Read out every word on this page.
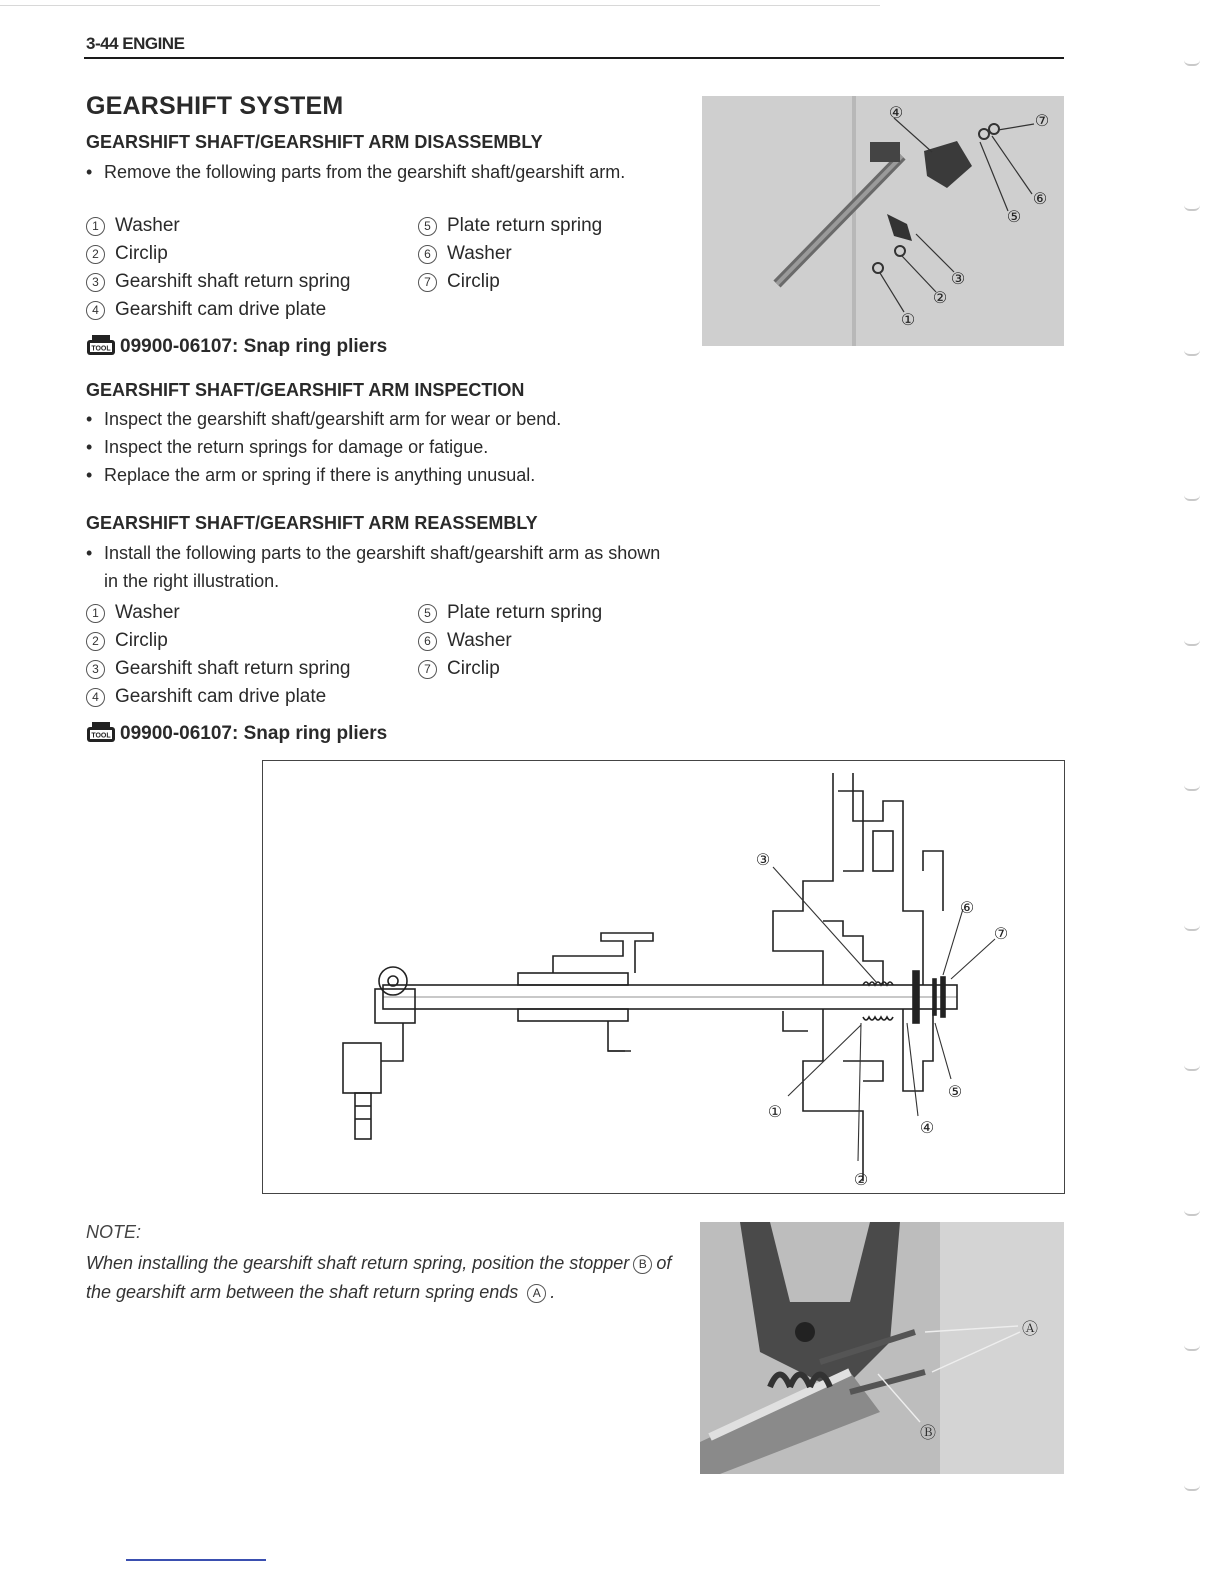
3-44 ENGINE
GEARSHIFT SYSTEM
GEARSHIFT SHAFT/GEARSHIFT ARM DISASSEMBLY
• Remove the following parts from the gearshift shaft/gearshift arm.
1 Washer
2 Circlip
3 Gearshift shaft return spring
4 Gearshift cam drive plate
5 Plate return spring
6 Washer
7 Circlip
TOOL 09900-06107: Snap ring pliers
④	⑦
⑥
⑤
③
②
①
GEARSHIFT SHAFT/GEARSHIFT ARM INSPECTION
• Inspect the gearshift shaft/gearshift arm for wear or bend.
• Inspect the return springs for damage or fatigue.
• Replace the arm or spring if there is anything unusual.
GEARSHIFT SHAFT/GEARSHIFT ARM REASSEMBLY
• Install the following parts to the gearshift shaft/gearshift arm as shown in the right illustration.
1 Washer
2 Circlip
3 Gearshift shaft return spring
4 Gearshift cam drive plate
5 Plate return spring
6 Washer
7 Circlip
TOOL 09900-06107: Snap ring pliers
③
⑥
⑦
⑤
①
④
②
NOTE:
When installing the gearshift shaft return spring, position the stopper B of the gearshift arm between the shaft return spring ends A .
Ⓐ
Ⓑ
